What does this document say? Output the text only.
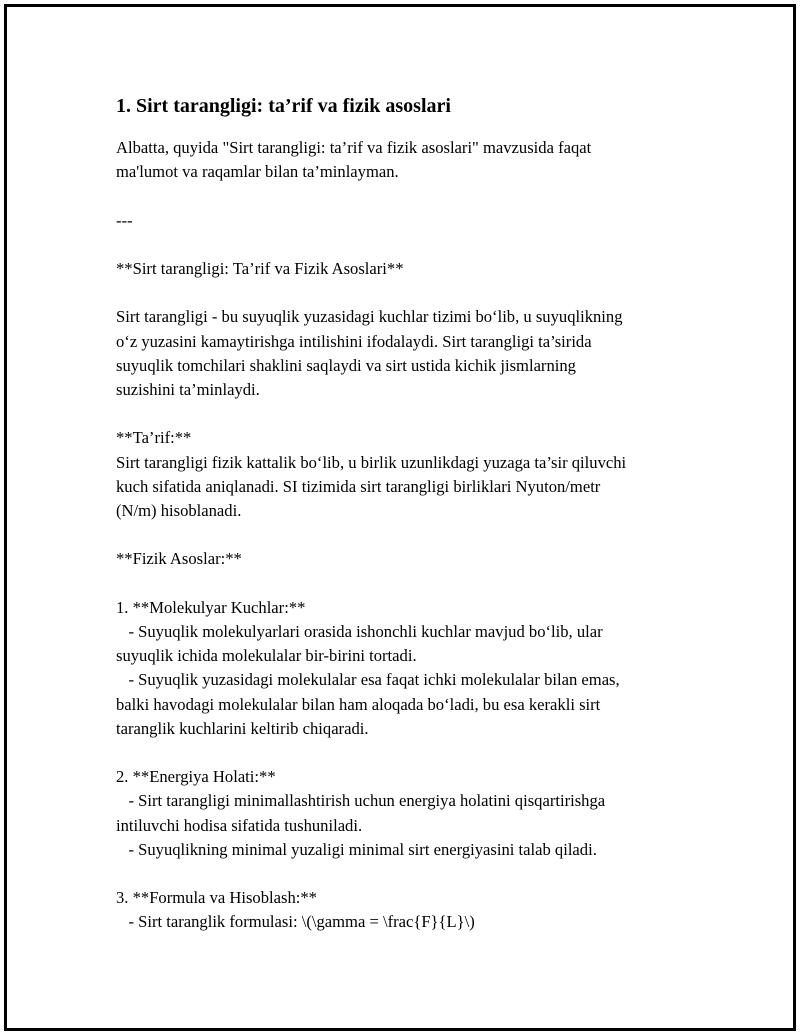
1. Sirt tarangligi: ta’rif va fizik asoslari

Albatta, quyida "Sirt tarangligi: ta’rif va fizik asoslari" mavzusida faqat
ma'lumot va raqamlar bilan ta’minlayman.

---

**Sirt tarangligi: Ta’rif va Fizik Asoslari**

Sirt tarangligi - bu suyuqlik yuzasidagi kuchlar tizimi bo‘lib, u suyuqlikning
o‘z yuzasini kamaytirishga intilishini ifodalaydi. Sirt tarangligi ta’sirida
suyuqlik tomchilari shaklini saqlaydi va sirt ustida kichik jismlarning
suzishini ta’minlaydi.

**Ta’rif:**
Sirt tarangligi fizik kattalik bo‘lib, u birlik uzunlikdagi yuzaga ta’sir qiluvchi
kuch sifatida aniqlanadi. SI tizimida sirt tarangligi birliklari Nyuton/metr
(N/m) hisoblanadi.

**Fizik Asoslar:**

1. **Molekulyar Kuchlar:**
- Suyuqlik molekulyarlari orasida ishonchli kuchlar mavjud bo‘lib, ular
suyuqlik ichida molekulalar bir-birini tortadi.
- Suyuqlik yuzasidagi molekulalar esa faqat ichki molekulalar bilan emas,
balki havodagi molekulalar bilan ham aloqada bo‘ladi, bu esa kerakli sirt
taranglik kuchlarini keltirib chiqaradi.

2. **Energiya Holati:**
- Sirt tarangligi minimallashtirish uchun energiya holatini qisqartirishga
intiluvchi hodisa sifatida tushuniladi.
- Suyuqlikning minimal yuzaligi minimal sirt energiyasini talab qiladi.

3. **Formula va Hisoblash:**
- Sirt taranglik formulasi: \(\gamma = \frac{F}{L}\)
